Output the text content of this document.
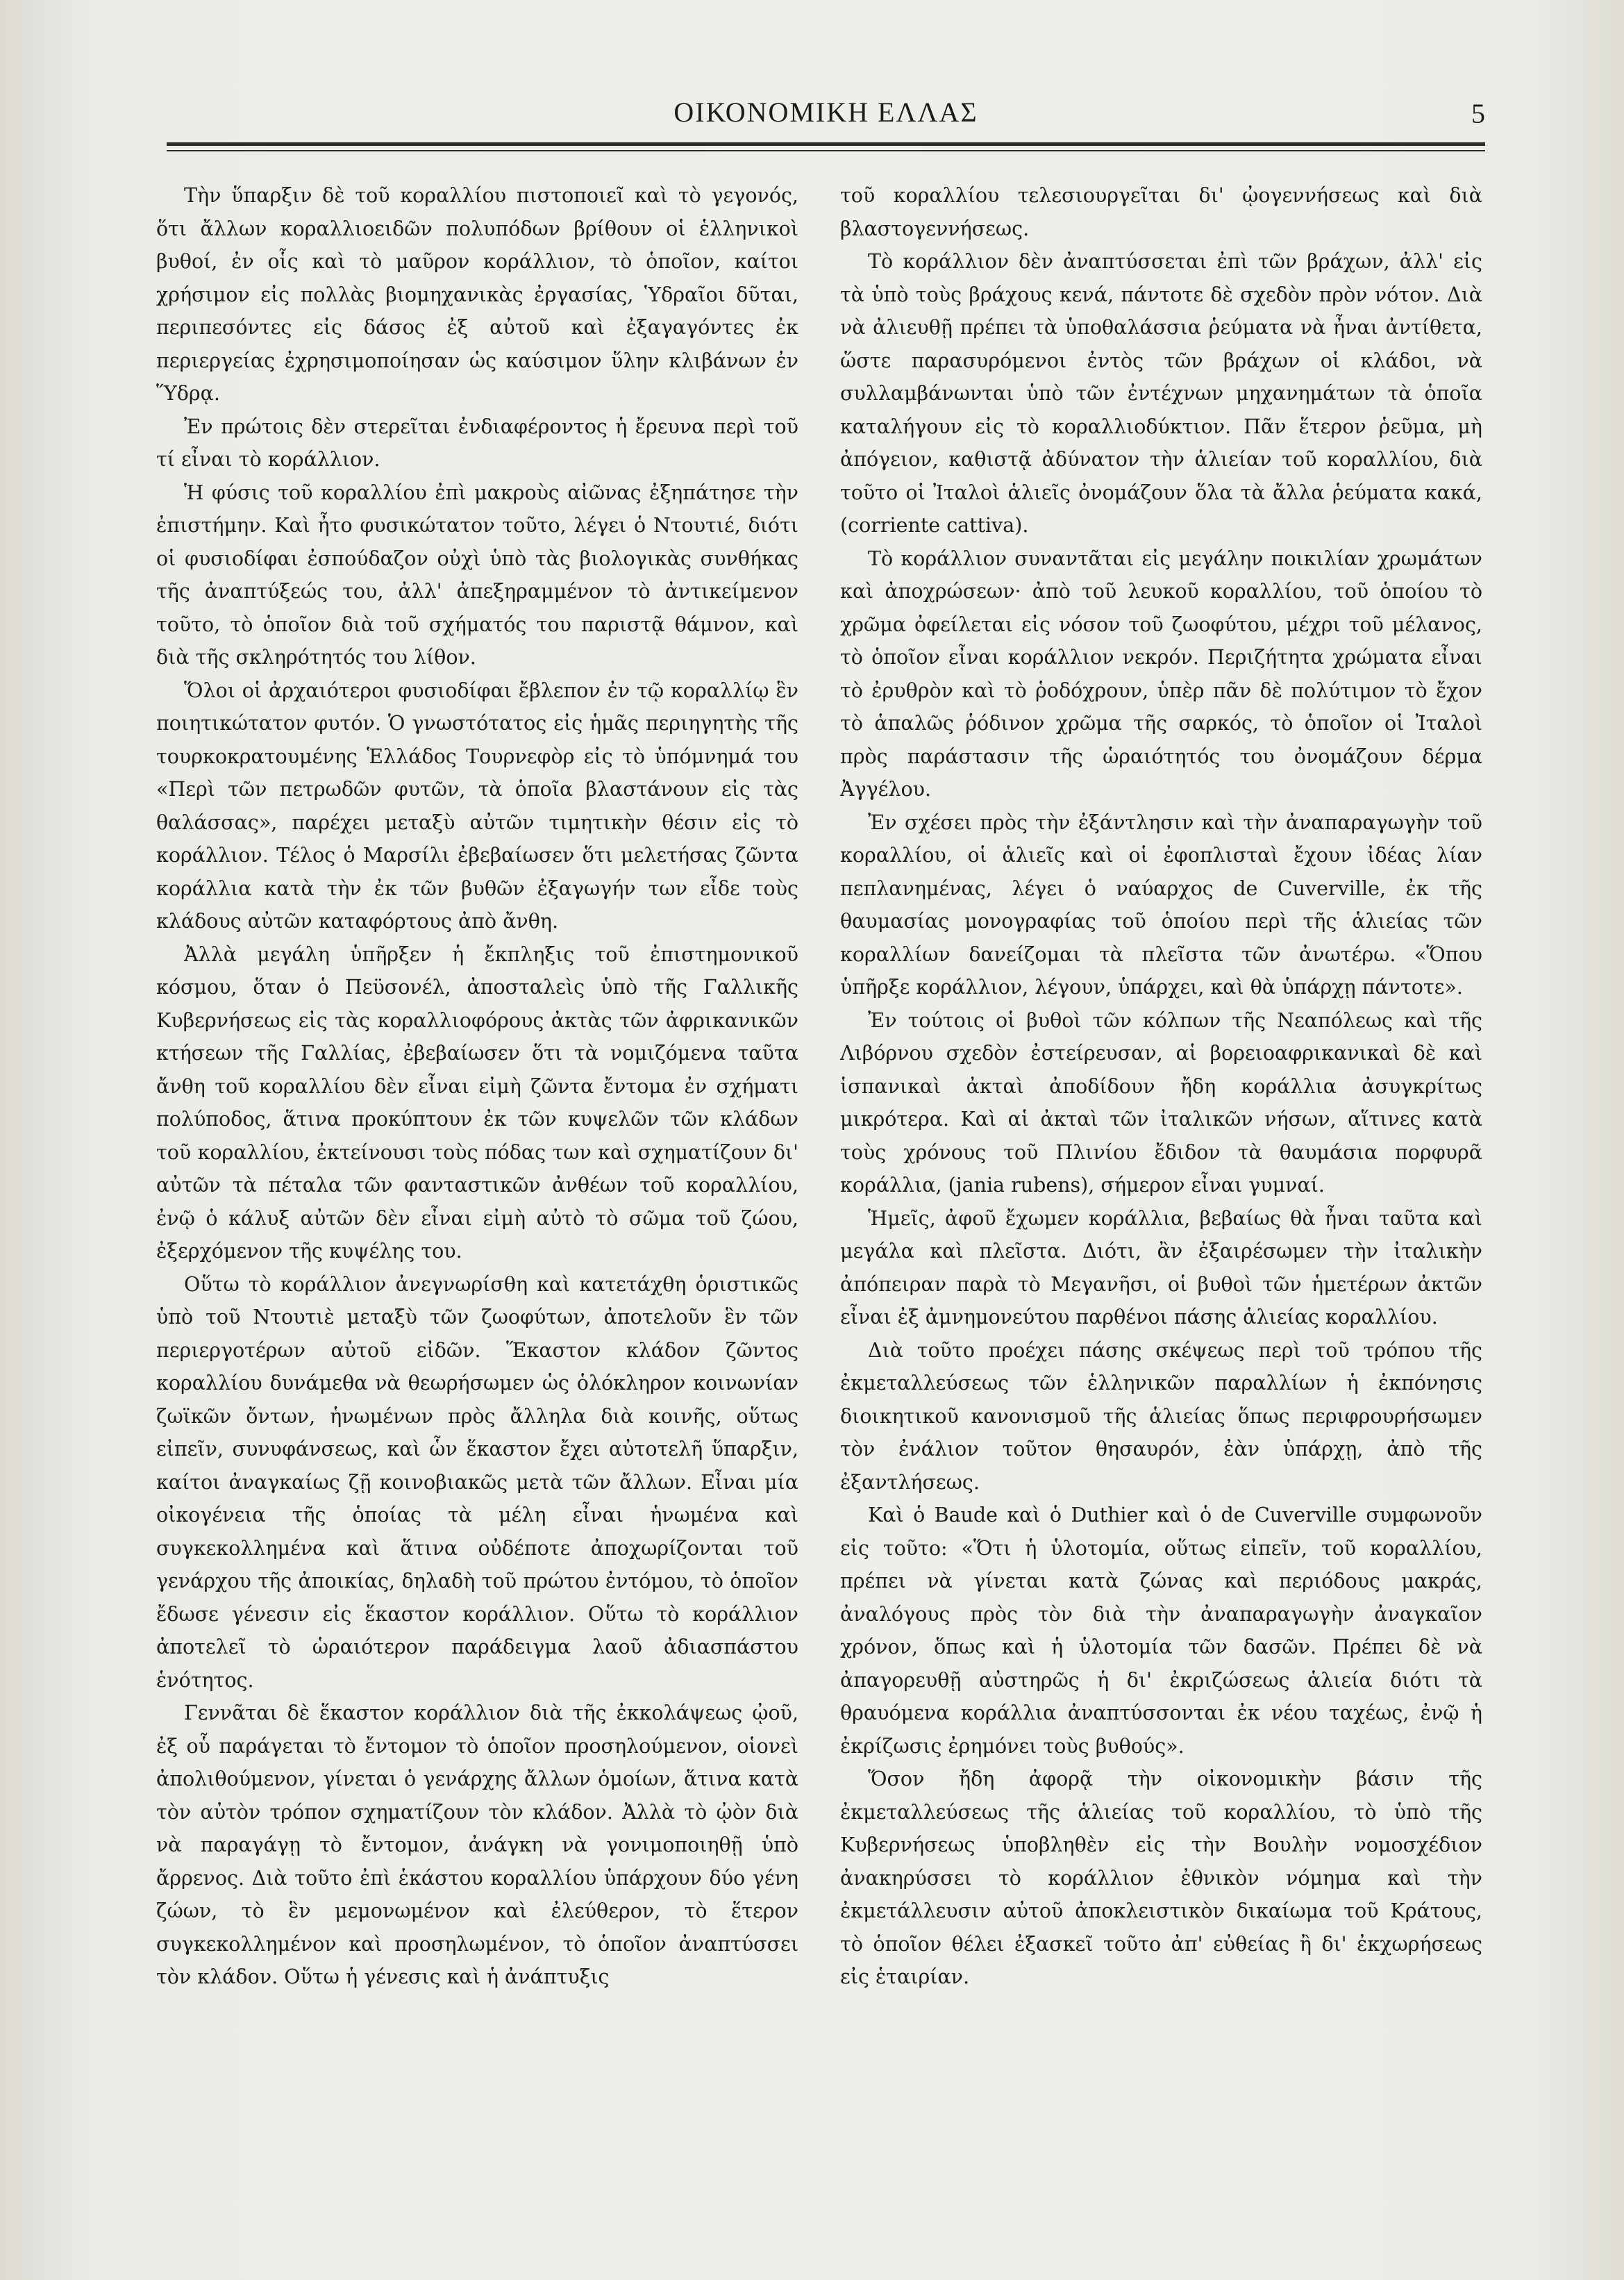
ΟΙΚΟΝΟΜΙΚΗ ΕΛΛΑΣ	5

Τὴν ὕπαρξιν δὲ τοῦ κοραλλίου πιστοποιεῖ καὶ τὸ γεγονός, ὅτι ἄλλων κοραλλιοειδῶν πολυπόδων βρίθουν οἱ ἑλληνικοὶ βυθοί, ἐν οἷς καὶ τὸ μαῦρον κοράλλιον, τὸ ὁποῖον, καίτοι χρήσιμον εἰς πολλὰς βιομηχανικὰς ἐργασίας, Ὑδραῖοι δῦται, περιπεσόντες εἰς δάσος ἐξ αὐτοῦ καὶ ἐξαγαγόντες ἐκ περιεργείας ἐχρησιμοποίησαν ὡς καύσιμον ὕλην κλιβάνων ἐν Ὕδρᾳ.

Ἐν πρώτοις δὲν στερεῖται ἐνδιαφέροντος ἡ ἔρευνα περὶ τοῦ τί εἶναι τὸ κοράλλιον.

Ἡ φύσις τοῦ κοραλλίου ἐπὶ μακροὺς αἰῶνας ἐξηπάτησε τὴν ἐπιστήμην. Καὶ ἦτο φυσικώτατον τοῦτο, λέγει ὁ Ντουτιέ, διότι οἱ φυσιοδίφαι ἐσπούδαζον οὐχὶ ὑπὸ τὰς βιολογικὰς συνθήκας τῆς ἀναπτύξεώς του, ἀλλ' ἀπεξηραμμένον τὸ ἀντικείμενον τοῦτο, τὸ ὁποῖον διὰ τοῦ σχήματός του παριστᾷ θάμνον, καὶ διὰ τῆς σκληρότητός του λίθον.

Ὅλοι οἱ ἀρχαιότεροι φυσιοδίφαι ἔβλεπον ἐν τῷ κοραλλίῳ ἓν ποιητικώτατον φυτόν. Ὁ γνωστότατος εἰς ἡμᾶς περιηγητὴς τῆς τουρκοκρατουμένης Ἑλλάδος Τουρνεφὸρ εἰς τὸ ὑπόμνημά του «Περὶ τῶν πετρωδῶν φυτῶν, τὰ ὁποῖα βλαστάνουν εἰς τὰς θαλάσσας», παρέχει μεταξὺ αὐτῶν τιμητικὴν θέσιν εἰς τὸ κοράλλιον. Τέλος ὁ Μαρσίλι ἐβεβαίωσεν ὅτι μελετήσας ζῶντα κοράλλια κατὰ τὴν ἐκ τῶν βυθῶν ἐξαγωγήν των εἶδε τοὺς κλάδους αὐτῶν καταφόρτους ἀπὸ ἄνθη.

Ἀλλὰ μεγάλη ὑπῆρξεν ἡ ἔκπληξις τοῦ ἐπιστημονικοῦ κόσμου, ὅταν ὁ Πεϋσονέλ, ἀποσταλεὶς ὑπὸ τῆς Γαλλικῆς Κυβερνήσεως εἰς τὰς κοραλλιοφόρους ἀκτὰς τῶν ἀφρικανικῶν κτήσεων τῆς Γαλλίας, ἐβεβαίωσεν ὅτι τὰ νομιζόμενα ταῦτα ἄνθη τοῦ κοραλλίου δὲν εἶναι εἰμὴ ζῶντα ἔντομα ἐν σχήματι πολύποδος, ἅτινα προκύπτουν ἐκ τῶν κυψελῶν τῶν κλάδων τοῦ κοραλλίου, ἐκτείνουσι τοὺς πόδας των καὶ σχηματίζουν δι' αὐτῶν τὰ πέταλα τῶν φανταστικῶν ἀνθέων τοῦ κοραλλίου, ἐνῷ ὁ κάλυξ αὐτῶν δὲν εἶναι εἰμὴ αὐτὸ τὸ σῶμα τοῦ ζώου, ἐξερχόμενον τῆς κυψέλης του.

Οὕτω τὸ κοράλλιον ἀνεγνωρίσθη καὶ κατετάχθη ὁριστικῶς ὑπὸ τοῦ Ντουτιὲ μεταξὺ τῶν ζωοφύτων, ἀποτελοῦν ἓν τῶν περιεργοτέρων αὐτοῦ εἰδῶν. Ἕκαστον κλάδον ζῶντος κοραλλίου δυνάμεθα νὰ θεωρήσωμεν ὡς ὁλόκληρον κοινωνίαν ζωϊκῶν ὄντων, ἡνωμένων πρὸς ἄλληλα διὰ κοινῆς, οὕτως εἰπεῖν, συνυφάνσεως, καὶ ὧν ἕκαστον ἔχει αὐτοτελῆ ὕπαρξιν, καίτοι ἀναγκαίως ζῇ κοινοβιακῶς μετὰ τῶν ἄλλων. Εἶναι μία οἰκογένεια τῆς ὁποίας τὰ μέλη εἶναι ἡνωμένα καὶ συγκεκολλημένα καὶ ἅτινα οὐδέποτε ἀποχωρίζονται τοῦ γενάρχου τῆς ἀποικίας, δηλαδὴ τοῦ πρώτου ἐντόμου, τὸ ὁποῖον ἔδωσε γένεσιν εἰς ἕκαστον κοράλλιον. Οὕτω τὸ κοράλλιον ἀποτελεῖ τὸ ὡραιότερον παράδειγμα λαοῦ ἀδιασπάστου ἑνότητος.

Γεννᾶται δὲ ἕκαστον κοράλλιον διὰ τῆς ἐκκολάψεως ᾠοῦ, ἐξ οὗ παράγεται τὸ ἔντομον τὸ ὁποῖον προσηλούμενον, οἱονεὶ ἀπολιθούμενον, γίνεται ὁ γενάρχης ἄλλων ὁμοίων, ἅτινα κατὰ τὸν αὐτὸν τρόπον σχηματίζουν τὸν κλάδον. Ἀλλὰ τὸ ᾠὸν διὰ νὰ παραγάγῃ τὸ ἔντομον, ἀνάγκη νὰ γονιμοποιηθῇ ὑπὸ ἄρρενος. Διὰ τοῦτο ἐπὶ ἑκάστου κοραλλίου ὑπάρχουν δύο γένη ζώων, τὸ ἓν μεμονωμένον καὶ ἐλεύθερον, τὸ ἕτερον συγκεκολλημένον καὶ προσηλωμένον, τὸ ὁποῖον ἀναπτύσσει τὸν κλάδον. Οὕτω ἡ γένεσις καὶ ἡ ἀνάπτυξις

τοῦ κοραλλίου τελεσιουργεῖται δι' ᾠογεννήσεως καὶ διὰ βλαστογεννήσεως.

Τὸ κοράλλιον δὲν ἀναπτύσσεται ἐπὶ τῶν βράχων, ἀλλ' εἰς τὰ ὑπὸ τοὺς βράχους κενά, πάντοτε δὲ σχεδὸν πρὸν νότον. Διὰ νὰ ἀλιευθῇ πρέπει τὰ ὑποθαλάσσια ῥεύματα νὰ ἦναι ἀντίθετα, ὥστε παρασυρόμενοι ἐντὸς τῶν βράχων οἱ κλάδοι, νὰ συλλαμβάνωνται ὑπὸ τῶν ἐντέχνων μηχανημάτων τὰ ὁποῖα καταλήγουν εἰς τὸ κοραλλιοδύκτιον. Πᾶν ἕτερον ῥεῦμα, μὴ ἀπόγειον, καθιστᾷ ἀδύνατον τὴν ἁλιείαν τοῦ κοραλλίου, διὰ τοῦτο οἱ Ἰταλοὶ ἁλιεῖς ὀνομάζουν ὅλα τὰ ἄλλα ῥεύματα κακά, (corriente cattiva).

Τὸ κοράλλιον συναντᾶται εἰς μεγάλην ποικιλίαν χρωμάτων καὶ ἀποχρώσεων· ἀπὸ τοῦ λευκοῦ κοραλλίου, τοῦ ὁποίου τὸ χρῶμα ὀφείλεται εἰς νόσον τοῦ ζωοφύτου, μέχρι τοῦ μέλανος, τὸ ὁποῖον εἶναι κοράλλιον νεκρόν. Περιζήτητα χρώματα εἶναι τὸ ἐρυθρὸν καὶ τὸ ῥοδόχρουν, ὑπὲρ πᾶν δὲ πολύτιμον τὸ ἔχον τὸ ἁπαλῶς ῥόδινον χρῶμα τῆς σαρκός, τὸ ὁποῖον οἱ Ἰταλοὶ πρὸς παράστασιν τῆς ὡραιότητός του ὀνομάζουν δέρμα Ἀγγέλου.

Ἐν σχέσει πρὸς τὴν ἐξάντλησιν καὶ τὴν ἀναπαραγωγὴν τοῦ κοραλλίου, οἱ ἁλιεῖς καὶ οἱ ἐφοπλισταὶ ἔχουν ἰδέας λίαν πεπλανημένας, λέγει ὁ ναύαρχος de Cuverville, ἐκ τῆς θαυμασίας μονογραφίας τοῦ ὁποίου περὶ τῆς ἁλιείας τῶν κοραλλίων δανείζομαι τὰ πλεῖστα τῶν ἀνωτέρω. «Ὅπου ὑπῆρξε κοράλλιον, λέγουν, ὑπάρχει, καὶ θὰ ὑπάρχῃ πάντοτε».

Ἐν τούτοις οἱ βυθοὶ τῶν κόλπων τῆς Νεαπόλεως καὶ τῆς Λιβόρνου σχεδὸν ἐστείρευσαν, αἱ βορειοαφρικανικαὶ δὲ καὶ ἱσπανικαὶ ἀκταὶ ἀποδίδουν ἤδη κοράλλια ἀσυγκρίτως μικρότερα. Καὶ αἱ ἀκταὶ τῶν ἰταλικῶν νήσων, αἵτινες κατὰ τοὺς χρόνους τοῦ Πλινίου ἔδιδον τὰ θαυμάσια πορφυρᾶ κοράλλια, (jania rubens), σήμερον εἶναι γυμναί.

Ἡμεῖς, ἀφοῦ ἔχωμεν κοράλλια, βεβαίως θὰ ἦναι ταῦτα καὶ μεγάλα καὶ πλεῖστα. Διότι, ἂν ἐξαιρέσωμεν τὴν ἰταλικὴν ἀπόπειραν παρὰ τὸ Μεγανῆσι, οἱ βυθοὶ τῶν ἡμετέρων ἀκτῶν εἶναι ἐξ ἀμνημονεύτου παρθένοι πάσης ἁλιείας κοραλλίου.

Διὰ τοῦτο προέχει πάσης σκέψεως περὶ τοῦ τρόπου τῆς ἐκμεταλλεύσεως τῶν ἑλληνικῶν παραλλίων ἡ ἐκπόνησις διοικητικοῦ κανονισμοῦ τῆς ἁλιείας ὅπως περιφρουρήσωμεν τὸν ἐνάλιον τοῦτον θησαυρόν, ἐὰν ὑπάρχῃ, ἀπὸ τῆς ἐξαντλήσεως.

Καὶ ὁ Baude καὶ ὁ Duthier καὶ ὁ de Cuverville συμφωνοῦν εἰς τοῦτο: «Ὅτι ἡ ὑλοτομία, οὕτως εἰπεῖν, τοῦ κοραλλίου, πρέπει νὰ γίνεται κατὰ ζώνας καὶ περιόδους μακράς, ἀναλόγους πρὸς τὸν διὰ τὴν ἀναπαραγωγὴν ἀναγκαῖον χρόνον, ὅπως καὶ ἡ ὑλοτομία τῶν δασῶν. Πρέπει δὲ νὰ ἀπαγορευθῇ αὐστηρῶς ἡ δι' ἐκριζώσεως ἁλιεία διότι τὰ θραυόμενα κοράλλια ἀναπτύσσονται ἐκ νέου ταχέως, ἐνῷ ἡ ἐκρίζωσις ἐρημόνει τοὺς βυθούς».

Ὅσον ἤδη ἀφορᾷ τὴν οἰκονομικὴν βάσιν τῆς ἐκμεταλλεύσεως τῆς ἁλιείας τοῦ κοραλλίου, τὸ ὑπὸ τῆς Κυβερνήσεως ὑποβληθὲν εἰς τὴν Βουλὴν νομοσχέδιον ἀνακηρύσσει τὸ κοράλλιον ἐθνικὸν νόμημα καὶ τὴν ἐκμετάλλευσιν αὐτοῦ ἀποκλειστικὸν δικαίωμα τοῦ Κράτους, τὸ ὁποῖον θέλει ἐξασκεῖ τοῦτο ἀπ' εὐθείας ἢ δι' ἐκχωρήσεως εἰς ἑταιρίαν.
